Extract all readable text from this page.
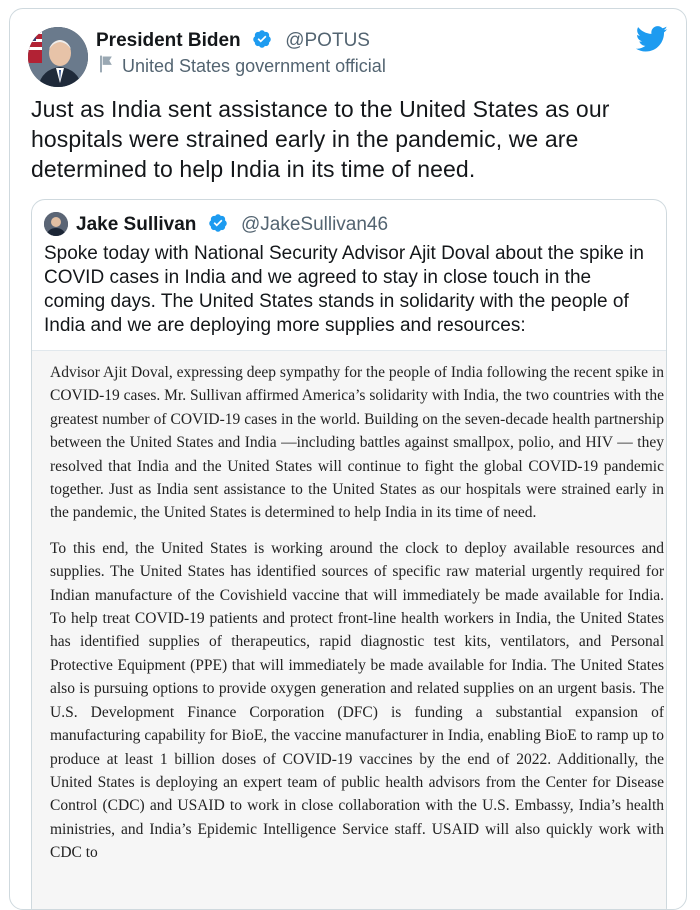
President Biden @POTUS
United States government official
Just as India sent assistance to the United States as our hospitals were strained early in the pandemic, we are determined to help India in its time of need.
Jake Sullivan @JakeSullivan46
Spoke today with National Security Advisor Ajit Doval about the spike in COVID cases in India and we agreed to stay in close touch in the coming days. The United States stands in solidarity with the people of India and we are deploying more supplies and resources:

Advisor Ajit Doval, expressing deep sympathy for the people of India following the recent spike in COVID-19 cases. Mr. Sullivan affirmed America’s solidarity with India, the two countries with the greatest number of COVID-19 cases in the world. Building on the seven-decade health partnership between the United States and India —including battles against smallpox, polio, and HIV — they resolved that India and the United States will continue to fight the global COVID-19 pandemic together. Just as India sent assistance to the United States as our hospitals were strained early in the pandemic, the United States is determined to help India in its time of need.

To this end, the United States is working around the clock to deploy available resources and supplies. The United States has identified sources of specific raw material urgently required for Indian manufacture of the Covishield vaccine that will immediately be made available for India. To help treat COVID-19 patients and protect front-line health workers in India, the United States has identified supplies of therapeutics, rapid diagnostic test kits, ventilators, and Personal Protective Equipment (PPE) that will immediately be made available for India. The United States also is pursuing options to provide oxygen generation and related supplies on an urgent basis. The U.S. Development Finance Corporation (DFC) is funding a substantial expansion of manufacturing capability for BioE, the vaccine manufacturer in India, enabling BioE to ramp up to produce at least 1 billion doses of COVID-19 vaccines by the end of 2022. Additionally, the United States is deploying an expert team of public health advisors from the Center for Disease Control (CDC) and USAID to work in close collaboration with the U.S. Embassy, India’s health ministries, and India’s Epidemic Intelligence Service staff. USAID will also quickly work with CDC to
